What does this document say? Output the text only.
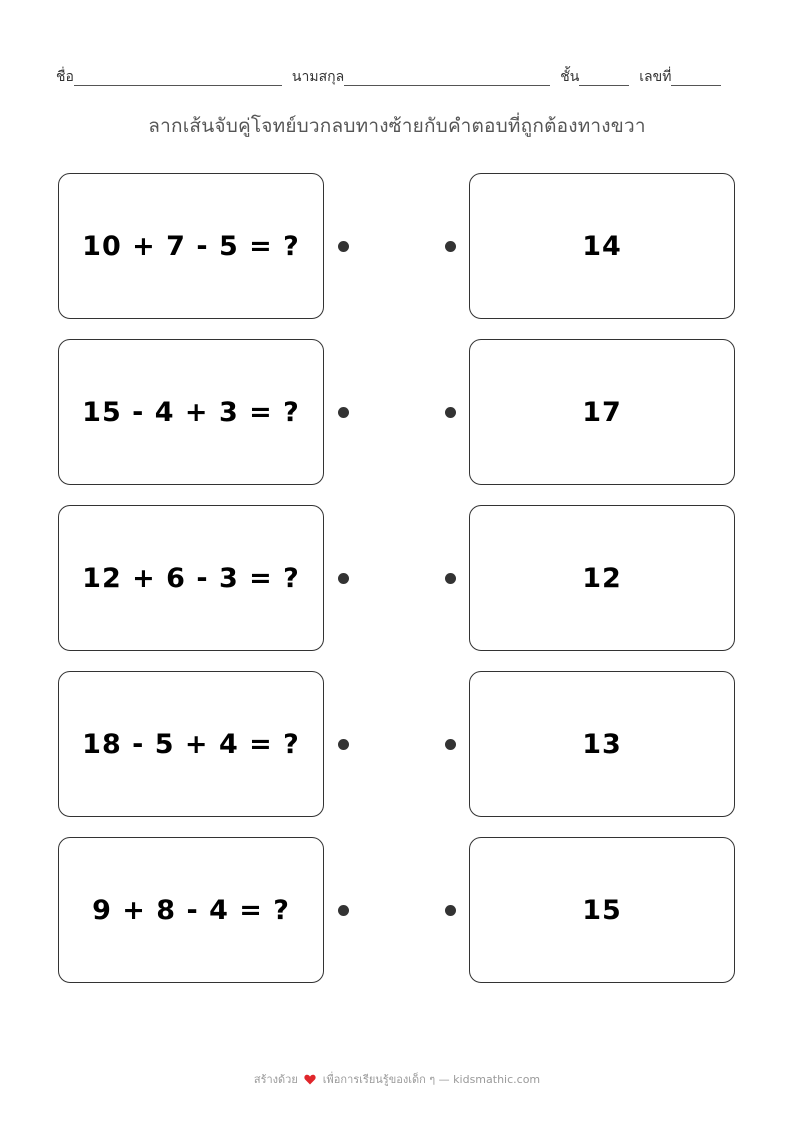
ชื่อ	นามสกุล	ชั้น	เลขที่
ลากเส้นจับคู่โจทย์บวกลบทางซ้ายกับคำตอบที่ถูกต้องทางขวา
10 + 7 - 5 = ?	14
15 - 4 + 3 = ?	17
12 + 6 - 3 = ?	12
18 - 5 + 4 = ?	13
9 + 8 - 4 = ?	15
สร้างด้วย เพื่อการเรียนรู้ของเด็ก ๆ — kidsmathic.com
